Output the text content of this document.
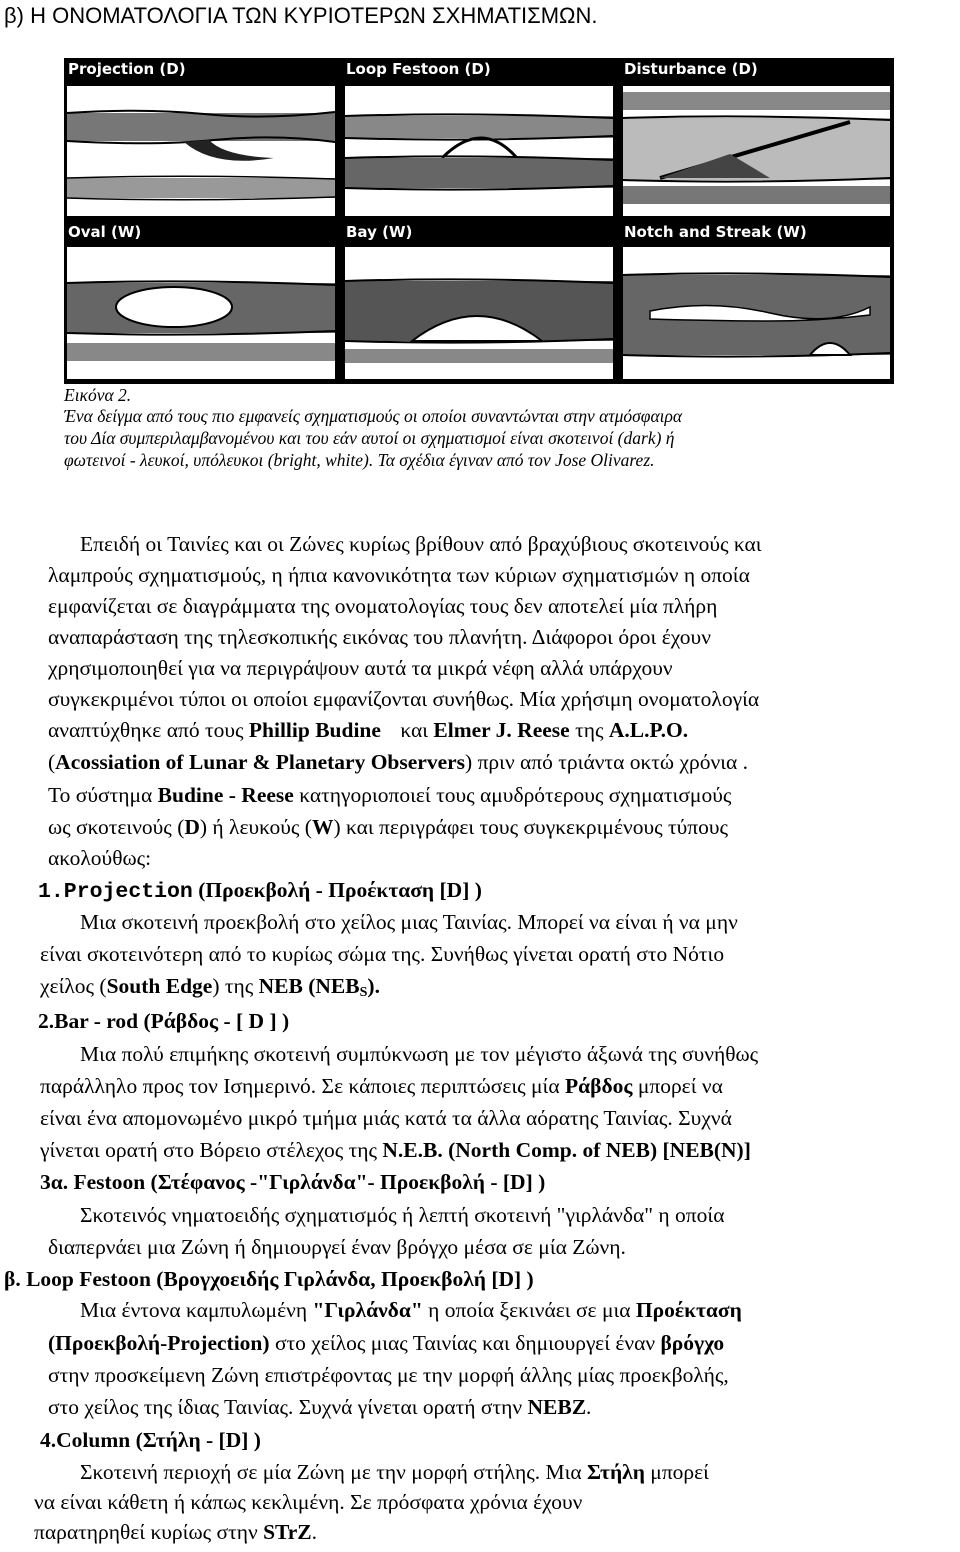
β) Η ΟΝΟΜΑΤΟΛΟΓΙΑ ΤΩΝ ΚΥΡΙΟΤΕΡΩΝ ΣΧΗΜΑΤΙΣΜΩΝ.
Projection (D)
NEB
Loop Festoon (D)
NEB
Disturbance (D)
STrZ
Oval (W)
NEB
Bay (W)
SEB
Notch and Streak (W)
NEB
Εικόνα 2.
Ένα δείγμα από τους πιο εμφανείς σχηματισμούς οι οποίοι συναντώνται στην ατμόσφαιρα
του Δία συμπεριλαμβανομένου και του εάν αυτοί οι σχηματισμοί είναι σκοτεινοί (dark) ή
φωτεινοί - λευκοί, υπόλευκοι (bright, white). Τα σχέδια έγιναν από τον Jose Olivarez.
Επειδή οι Ταινίες και οι Ζώνες κυρίως βρίθουν από βραχύβιους σκοτεινούς και
λαμπρούς σχηματισμούς, η ήπια κανονικότητα των κύριων σχηματισμών η οποία
εμφανίζεται σε διαγράμματα της ονοματολογίας τους δεν αποτελεί μία πλήρη
αναπαράσταση της τηλεσκοπικής εικόνας του πλανήτη. Διάφοροι όροι έχουν
χρησιμοποιηθεί για να περιγράψουν αυτά τα μικρά νέφη αλλά υπάρχουν
συγκεκριμένοι τύποι οι οποίοι εμφανίζονται συνήθως. Μία χρήσιμη ονοματολογία
αναπτύχθηκε από τους Phillip Budine και Elmer J. Reese της A.L.P.O.
(Acossiation of Lunar & Planetary Observers) πριν από τριάντα οκτώ χρόνια .
Το σύστημα Budine - Reese κατηγοριοποιεί τους αμυδρότερους σχηματισμούς
ως σκοτεινούς (D) ή λευκούς (W) και περιγράφει τους συγκεκριμένους τύπους
ακολούθως:
1.Projection (Προεκβολή - Προέκταση [D] )
Μια σκοτεινή προεκβολή στο χείλος μιας Ταινίας. Μπορεί να είναι ή να μην
είναι σκοτεινότερη από το κυρίως σώμα της. Συνήθως γίνεται ορατή στο Νότιο
χείλος (South Edge) της NEB (NEBS).
2.Bar - rod (Ράβδος - [ D ] )
Μια πολύ επιμήκης σκοτεινή συμπύκνωση με τον μέγιστο άξωνά της συνήθως
παράλληλο προς τον Ισημερινό. Σε κάποιες περιπτώσεις μία Ράβδος μπορεί να
είναι ένα απομονωμένο μικρό τμήμα μιάς κατά τα άλλα αόρατης Ταινίας. Συχνά
γίνεται ορατή στο Βόρειο στέλεχος της N.E.B. (North Comp. of NEB) [NEB(N)]
3α. Festoon (Στέφανος -"Γιρλάνδα"- Προεκβολή - [D] )
Σκοτεινός νηματοειδής σχηματισμός ή λεπτή σκοτεινή "γιρλάνδα" η οποία
διαπερνάει μια Ζώνη ή δημιουργεί έναν βρόγχο μέσα σε μία Ζώνη.
β. Loop Festoon (Βρογχοειδής Γιρλάνδα, Προεκβολή [D] )
Μια έντονα καμπυλωμένη "Γιρλάνδα" η οποία ξεκινάει σε μια Προέκταση
(Προεκβολή-Projection) στο χείλος μιας Ταινίας και δημιουργεί έναν βρόγχο
στην προσκείμενη Ζώνη επιστρέφοντας με την μορφή άλλης μίας προεκβολής,
στο χείλος της ίδιας Ταινίας. Συχνά γίνεται ορατή στην NEBZ.
4.Column (Στήλη - [D] )
Σκοτεινή περιοχή σε μία Ζώνη με την μορφή στήλης. Μια Στήλη μπορεί
να είναι κάθετη ή κάπως κεκλιμένη. Σε πρόσφατα χρόνια έχουν
παρατηρηθεί κυρίως στην STrZ.
